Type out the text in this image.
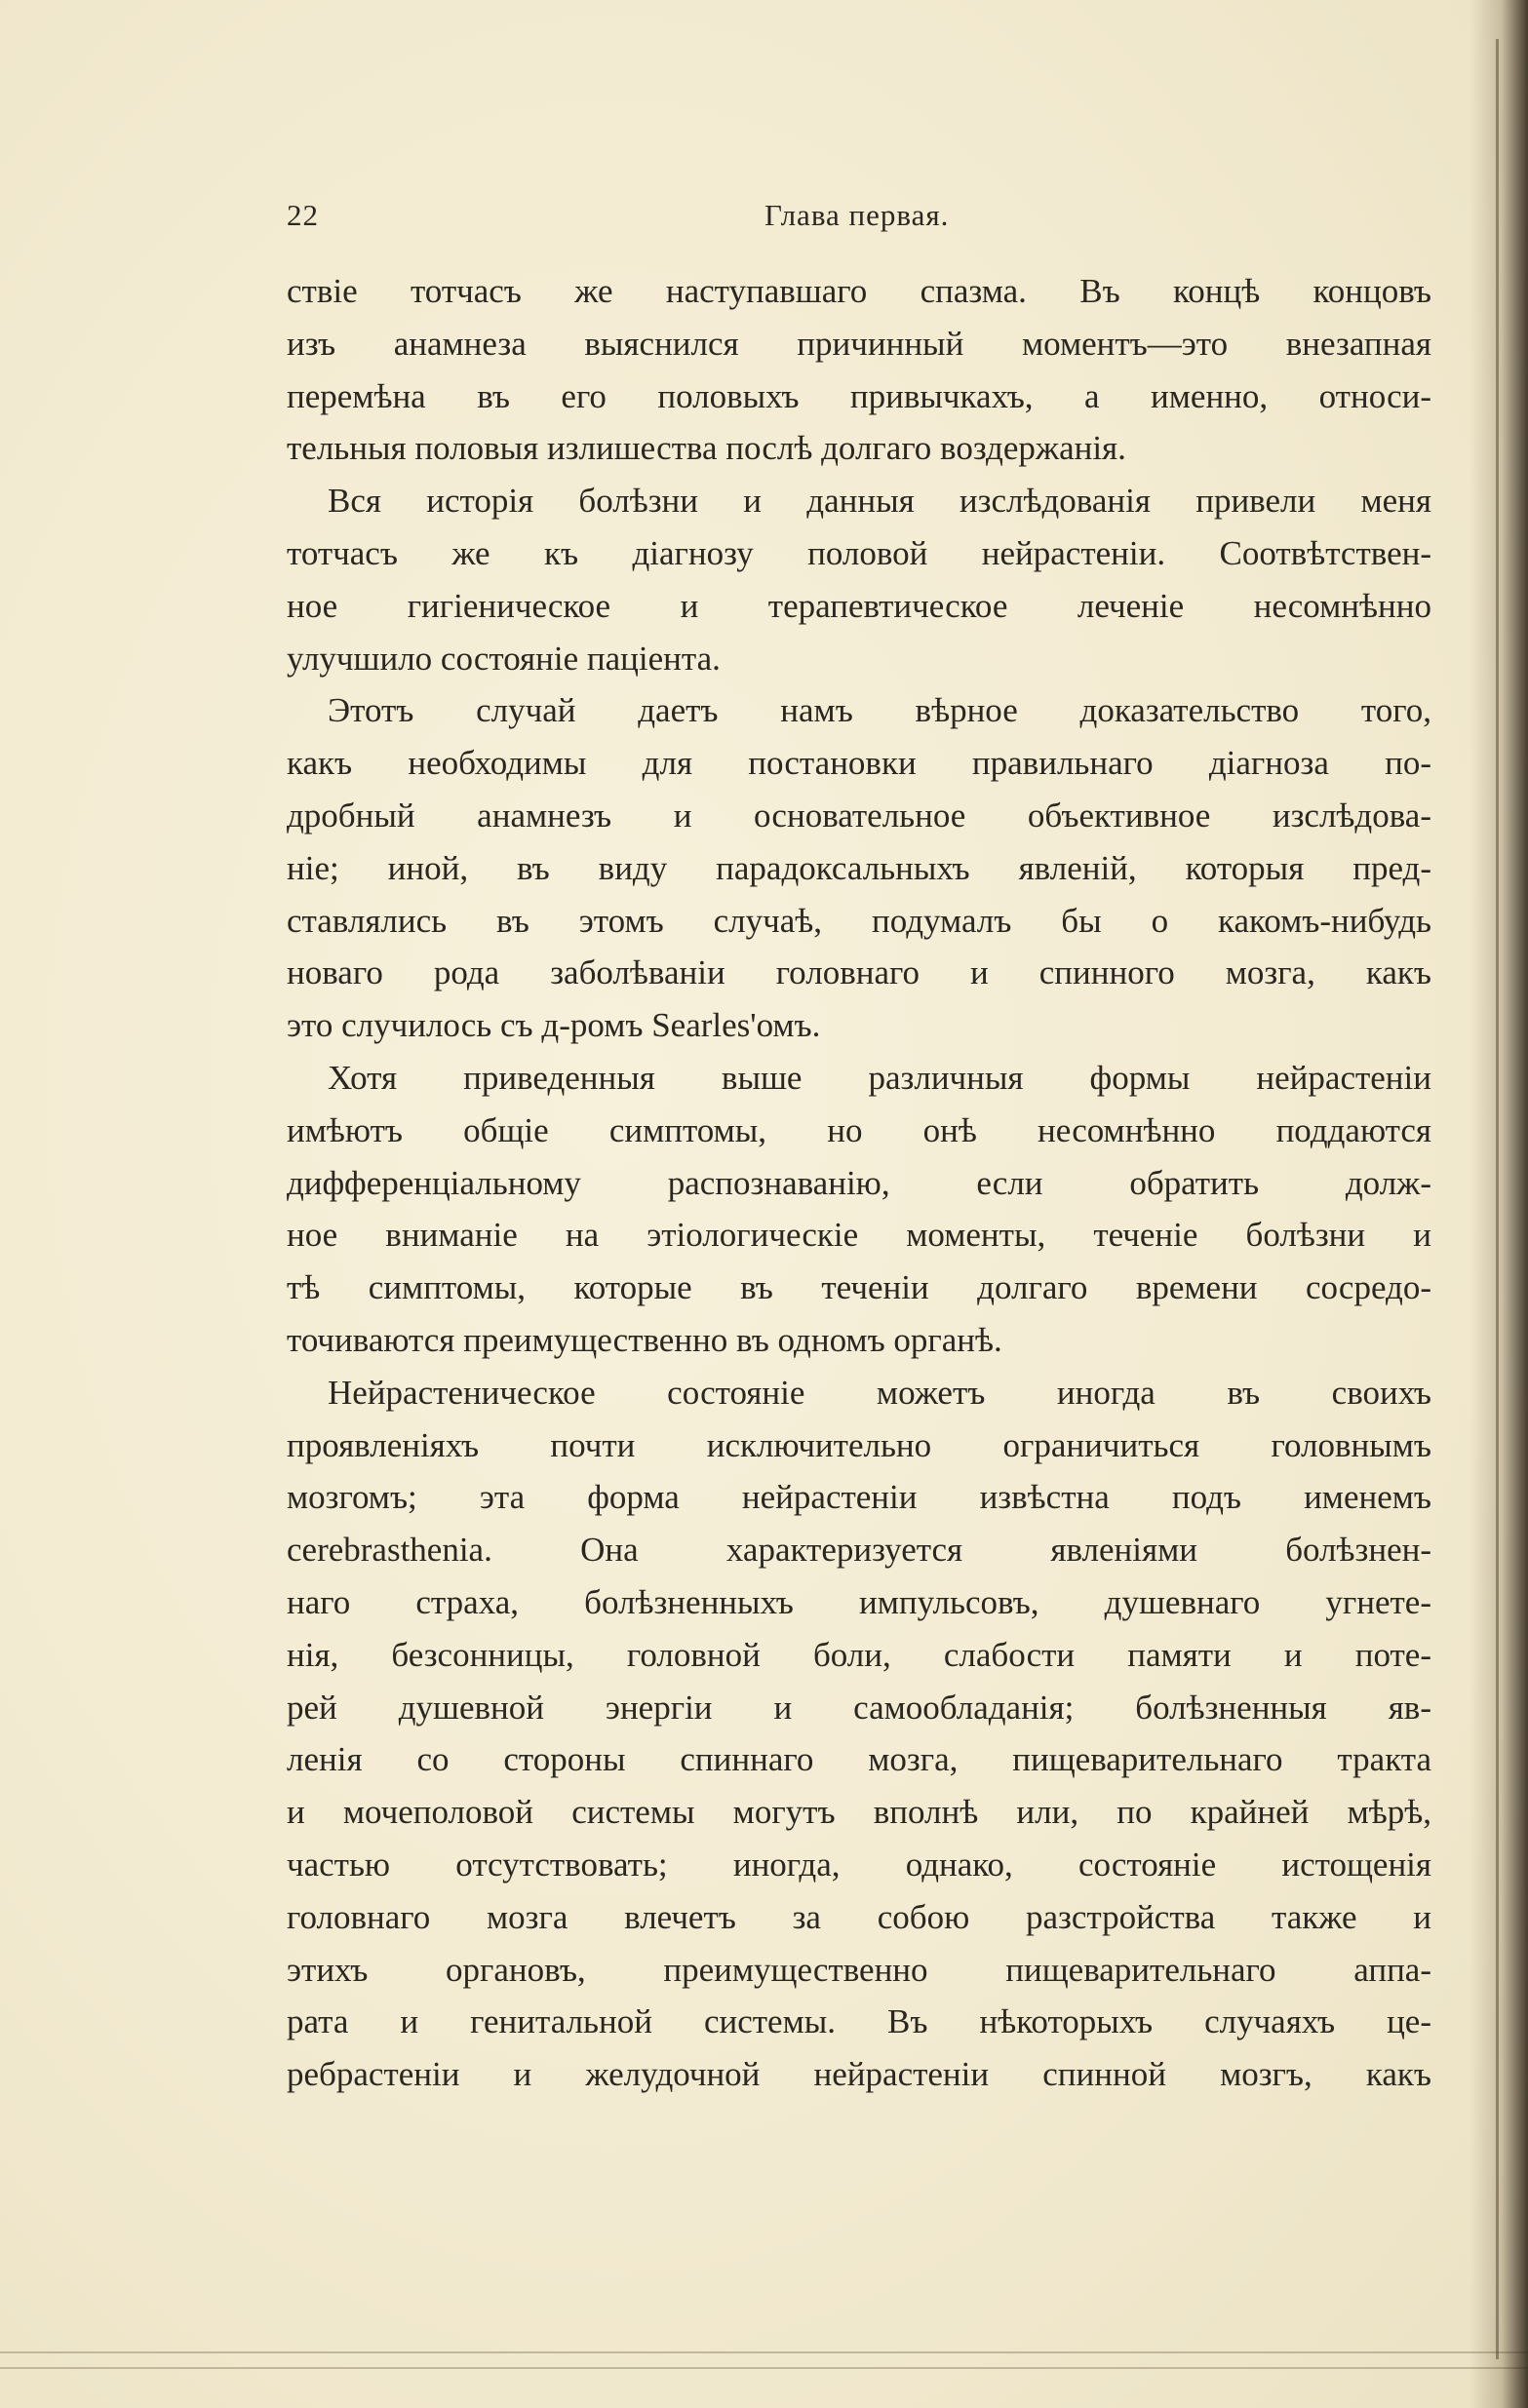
22	Глава первая.
ствіе тотчасъ же наступавшаго спазма. Въ концѣ концовъ
изъ анамнеза выяснился причинный моментъ—это внезапная
перемѣна въ его половыхъ привычкахъ, а именно, относи-
тельныя половыя излишества послѣ долгаго воздержанія.
Вся исторія болѣзни и данныя изслѣдованія привели меня
тотчасъ же къ діагнозу половой нейрастеніи. Соотвѣтствен-
ное гигіеническое и терапевтическое леченіе несомнѣнно
улучшило состояніе паціента.
Этотъ случай даетъ намъ вѣрное доказательство того,
какъ необходимы для постановки правильнаго діагноза по-
дробный анамнезъ и основательное объективное изслѣдова-
ніе; иной, въ виду парадоксальныхъ явленій, которыя пред-
ставлялись въ этомъ случаѣ, подумалъ бы о какомъ-нибудь
новаго рода заболѣваніи головнаго и спинного мозга, какъ
это случилось съ д-ромъ Searles'омъ.
Хотя приведенныя выше различныя формы нейрастеніи
имѣютъ общіе симптомы, но онѣ несомнѣнно поддаются
дифференціальному распознаванію, если обратить долж-
ное вниманіе на этіологическіе моменты, теченіе болѣзни и
тѣ симптомы, которые въ теченіи долгаго времени сосредо-
точиваются преимущественно въ одномъ органѣ.
Нейрастеническое состояніе можетъ иногда въ своихъ
проявленіяхъ почти исключительно ограничиться головнымъ
мозгомъ; эта форма нейрастеніи извѣстна подъ именемъ
cerebrasthenia. Она характеризуется явленіями болѣзнен-
наго страха, болѣзненныхъ импульсовъ, душевнаго угнете-
нія, безсонницы, головной боли, слабости памяти и поте-
рей душевной энергіи и самообладанія; болѣзненныя яв-
ленія со стороны спиннаго мозга, пищеварительнаго тракта
и мочеполовой системы могутъ вполнѣ или, по крайней мѣрѣ,
частью отсутствовать; иногда, однако, состояніе истощенія
головнаго мозга влечетъ за собою разстройства также и
этихъ органовъ, преимущественно пищеварительнаго аппа-
рата и генитальной системы. Въ нѣкоторыхъ случаяхъ це-
ребрастеніи и желудочной нейрастеніи спинной мозгъ, какъ
